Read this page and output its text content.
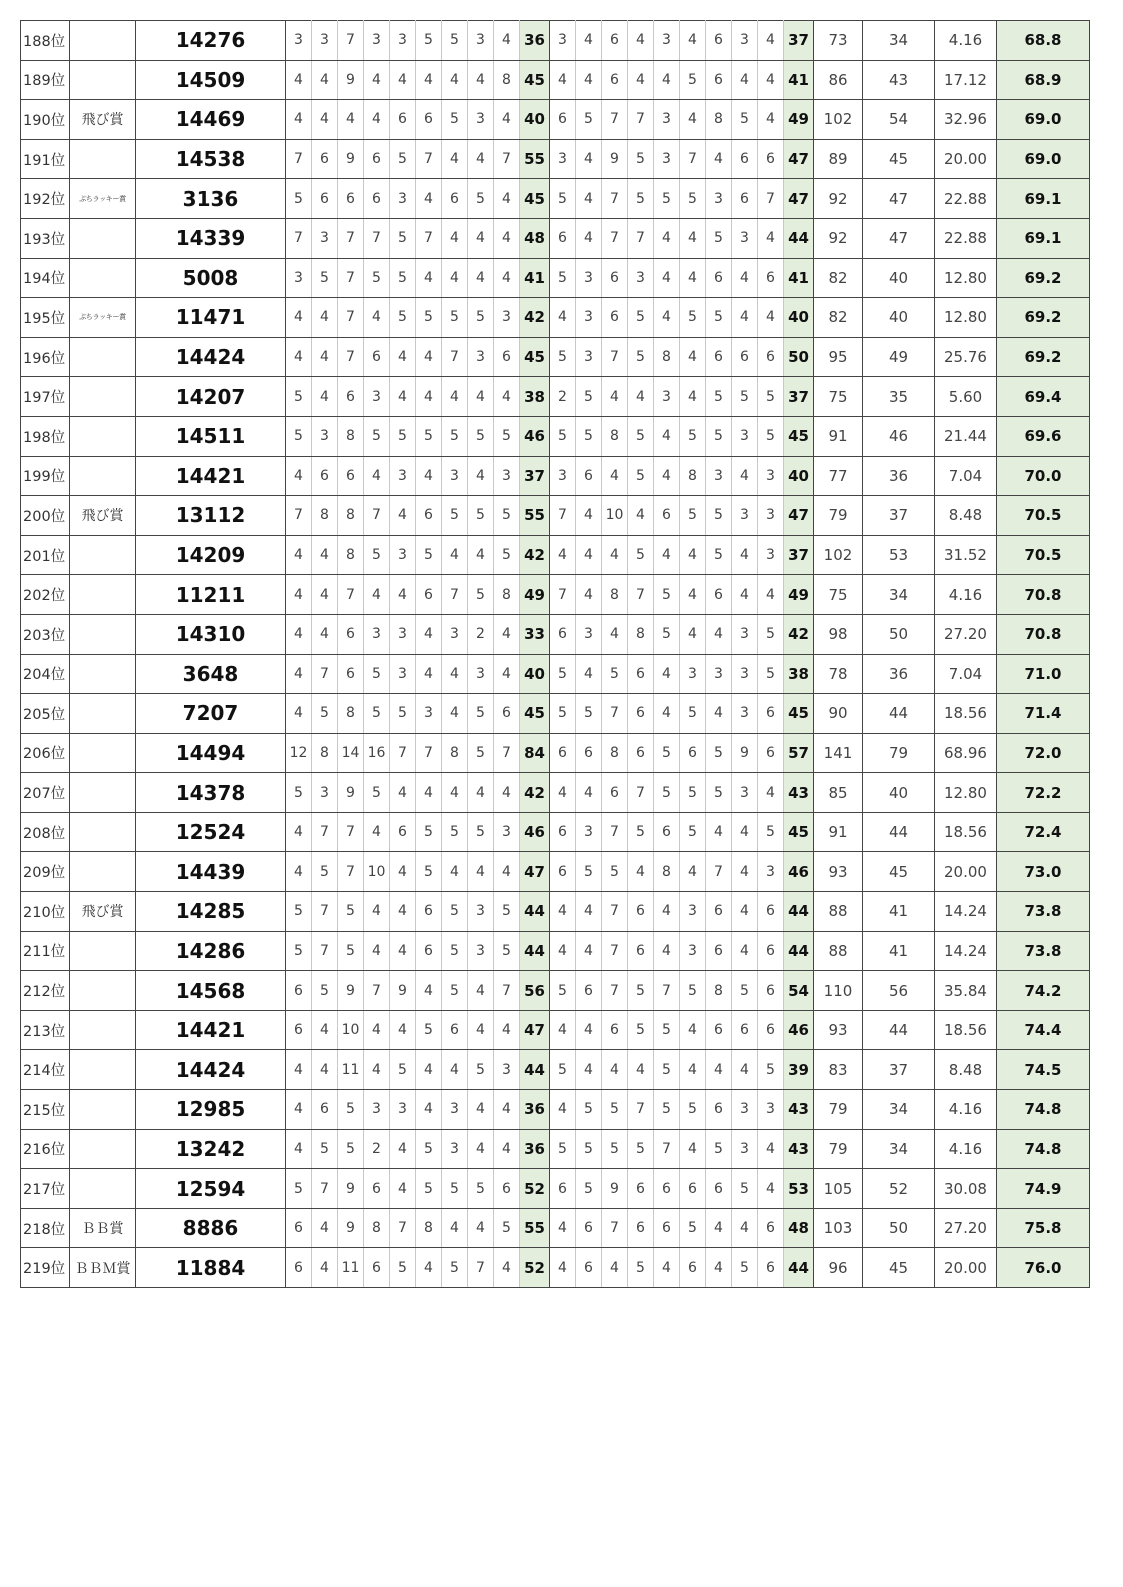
188位		14276	3	3	7	3	3	5	5	3	4	36	3	4	6	4	3	4	6	3	4	37	73	34	4.16	68.8
189位		14509	4	4	9	4	4	4	4	4	8	45	4	4	6	4	4	5	6	4	4	41	86	43	17.12	68.9
190位	飛び賞	14469	4	4	4	4	6	6	5	3	4	40	6	5	7	7	3	4	8	5	4	49	102	54	32.96	69.0
191位		14538	7	6	9	6	5	7	4	4	7	55	3	4	9	5	3	7	4	6	6	47	89	45	20.00	69.0
192位	ぷちラッキー賞	3136	5	6	6	6	3	4	6	5	4	45	5	4	7	5	5	5	3	6	7	47	92	47	22.88	69.1
193位		14339	7	3	7	7	5	7	4	4	4	48	6	4	7	7	4	4	5	3	4	44	92	47	22.88	69.1
194位		5008	3	5	7	5	5	4	4	4	4	41	5	3	6	3	4	4	6	4	6	41	82	40	12.80	69.2
195位	ぷちラッキー賞	11471	4	4	7	4	5	5	5	5	3	42	4	3	6	5	4	5	5	4	4	40	82	40	12.80	69.2
196位		14424	4	4	7	6	4	4	7	3	6	45	5	3	7	5	8	4	6	6	6	50	95	49	25.76	69.2
197位		14207	5	4	6	3	4	4	4	4	4	38	2	5	4	4	3	4	5	5	5	37	75	35	5.60	69.4
198位		14511	5	3	8	5	5	5	5	5	5	46	5	5	8	5	4	5	5	3	5	45	91	46	21.44	69.6
199位		14421	4	6	6	4	3	4	3	4	3	37	3	6	4	5	4	8	3	4	3	40	77	36	7.04	70.0
200位	飛び賞	13112	7	8	8	7	4	6	5	5	5	55	7	4	10	4	6	5	5	3	3	47	79	37	8.48	70.5
201位		14209	4	4	8	5	3	5	4	4	5	42	4	4	4	5	4	4	5	4	3	37	102	53	31.52	70.5
202位		11211	4	4	7	4	4	6	7	5	8	49	7	4	8	7	5	4	6	4	4	49	75	34	4.16	70.8
203位		14310	4	4	6	3	3	4	3	2	4	33	6	3	4	8	5	4	4	3	5	42	98	50	27.20	70.8
204位		3648	4	7	6	5	3	4	4	3	4	40	5	4	5	6	4	3	3	3	5	38	78	36	7.04	71.0
205位		7207	4	5	8	5	5	3	4	5	6	45	5	5	7	6	4	5	4	3	6	45	90	44	18.56	71.4
206位		14494	12	8	14	16	7	7	8	5	7	84	6	6	8	6	5	6	5	9	6	57	141	79	68.96	72.0
207位		14378	5	3	9	5	4	4	4	4	4	42	4	4	6	7	5	5	5	3	4	43	85	40	12.80	72.2
208位		12524	4	7	7	4	6	5	5	5	3	46	6	3	7	5	6	5	4	4	5	45	91	44	18.56	72.4
209位		14439	4	5	7	10	4	5	4	4	4	47	6	5	5	4	8	4	7	4	3	46	93	45	20.00	73.0
210位	飛び賞	14285	5	7	5	4	4	6	5	3	5	44	4	4	7	6	4	3	6	4	6	44	88	41	14.24	73.8
211位		14286	5	7	5	4	4	6	5	3	5	44	4	4	7	6	4	3	6	4	6	44	88	41	14.24	73.8
212位		14568	6	5	9	7	9	4	5	4	7	56	5	6	7	5	7	5	8	5	6	54	110	56	35.84	74.2
213位		14421	6	4	10	4	4	5	6	4	4	47	4	4	6	5	5	4	6	6	6	46	93	44	18.56	74.4
214位		14424	4	4	11	4	5	4	4	5	3	44	5	4	4	4	5	4	4	4	5	39	83	37	8.48	74.5
215位		12985	4	6	5	3	3	4	3	4	4	36	4	5	5	7	5	5	6	3	3	43	79	34	4.16	74.8
216位		13242	4	5	5	2	4	5	3	4	4	36	5	5	5	5	7	4	5	3	4	43	79	34	4.16	74.8
217位		12594	5	7	9	6	4	5	5	5	6	52	6	5	9	6	6	6	6	5	4	53	105	52	30.08	74.9
218位	ＢＢ賞	8886	6	4	9	8	7	8	4	4	5	55	4	6	7	6	6	5	4	4	6	48	103	50	27.20	75.8
219位	ＢＢＭ賞	11884	6	4	11	6	5	4	5	7	4	52	4	6	4	5	4	6	4	5	6	44	96	45	20.00	76.0
